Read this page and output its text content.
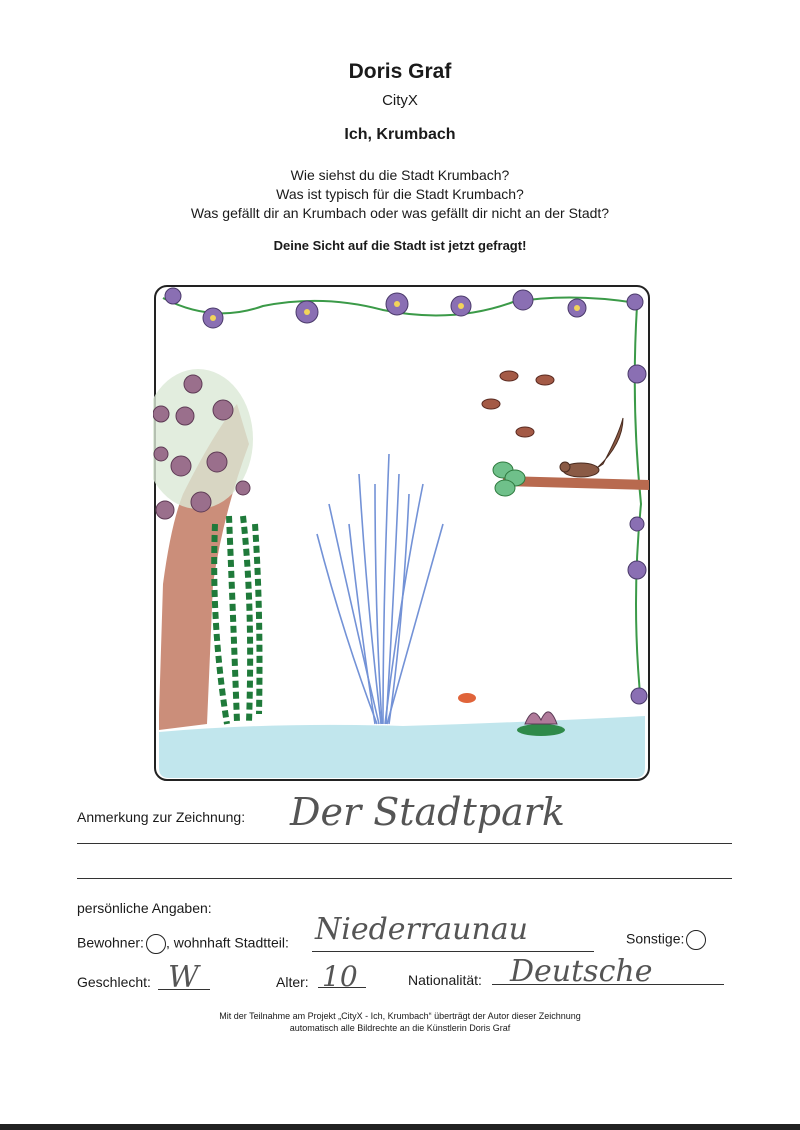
Doris Graf
CityX
Ich, Krumbach
Wie siehst du die Stadt Krumbach?
Was ist typisch für die Stadt Krumbach?
Was gefällt dir an Krumbach oder was gefällt dir nicht an der Stadt?
Deine Sicht auf die Stadt ist jetzt gefragt!
Anmerkung zur Zeichnung: Der Stadtpark
persönliche Angaben:
Bewohner: , wohnhaft Stadtteil: Niederraunau	Sonstige:
Geschlecht: W	Alter: 10	Nationalität: Deutsche
Mit der Teilnahme am Projekt „CityX - Ich, Krumbach“ überträgt der Autor dieser Zeichnung
automatisch alle Bildrechte an die Künstlerin Doris Graf
